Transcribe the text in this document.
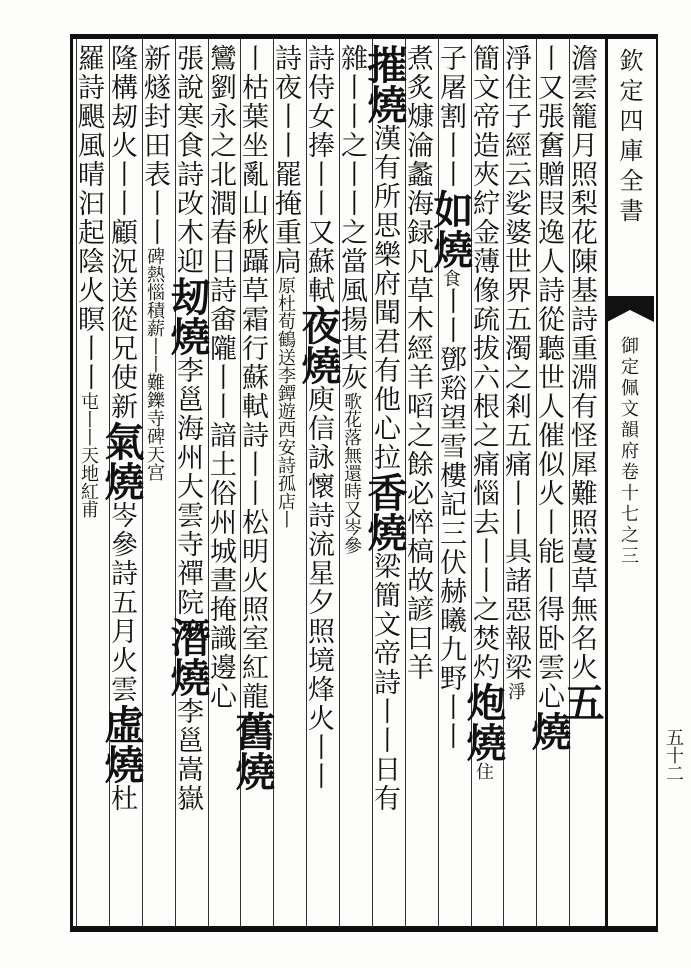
欽定四庫全書
御定佩文韻府卷十七之三
五十二
澹雲籠月照梨花陳基詩重淵有怪犀難照蔓草無名火五
丨又張𡚒贈叚逸人詩從聽世人催似火丨能丨得卧雲心燒
淨住子經云娑婆世界五濁之剎五痛丨丨具諸惡報梁淨
簡文帝造夾紵金薄像疏拔六根之痛惱去丨丨之焚灼炮燒住
子屠割丨丨如燒食丨丨鄧𧮾望雪樓記三伏赫曦九野丨丨
煮炙𤎖淪蠡海録凡草木經羊㗖之餘必悴槁故諺曰羊
摧燒漢有所思樂府聞君有他心拉香燒梁簡文帝詩丨丨日有
雜丨丨之丨丨之當風揚其灰歌花落無還時又岑參
詩侍女捧丨丨又蘇軾夜燒庾信詠懷詩流星夕照境烽火丨丨
詩夜丨丨罷掩重扃原杜荀鶴送李鐔遊西安詩孤店丨
丨枯葉坐亂山秋躡草霜行蘇軾詩丨丨松明火照室紅龍舊燒
鸞劉永之北澗春日詩畬隴丨丨諳土俗州城晝掩識邊心
張說寒食詩改木迎刼燒李邕海州大雲寺禪院潛燒李邕嵩嶽
新燧封田表丨丨碑熱惱積薪丨丨難鑠寺碑天宫
隆構刼火丨丨顧況送從兄使新氣燒岑參詩五月火雲虛燒杜
羅詩颶風晴汩起陰火瞑丨丨屯丨丨天地紅甫
